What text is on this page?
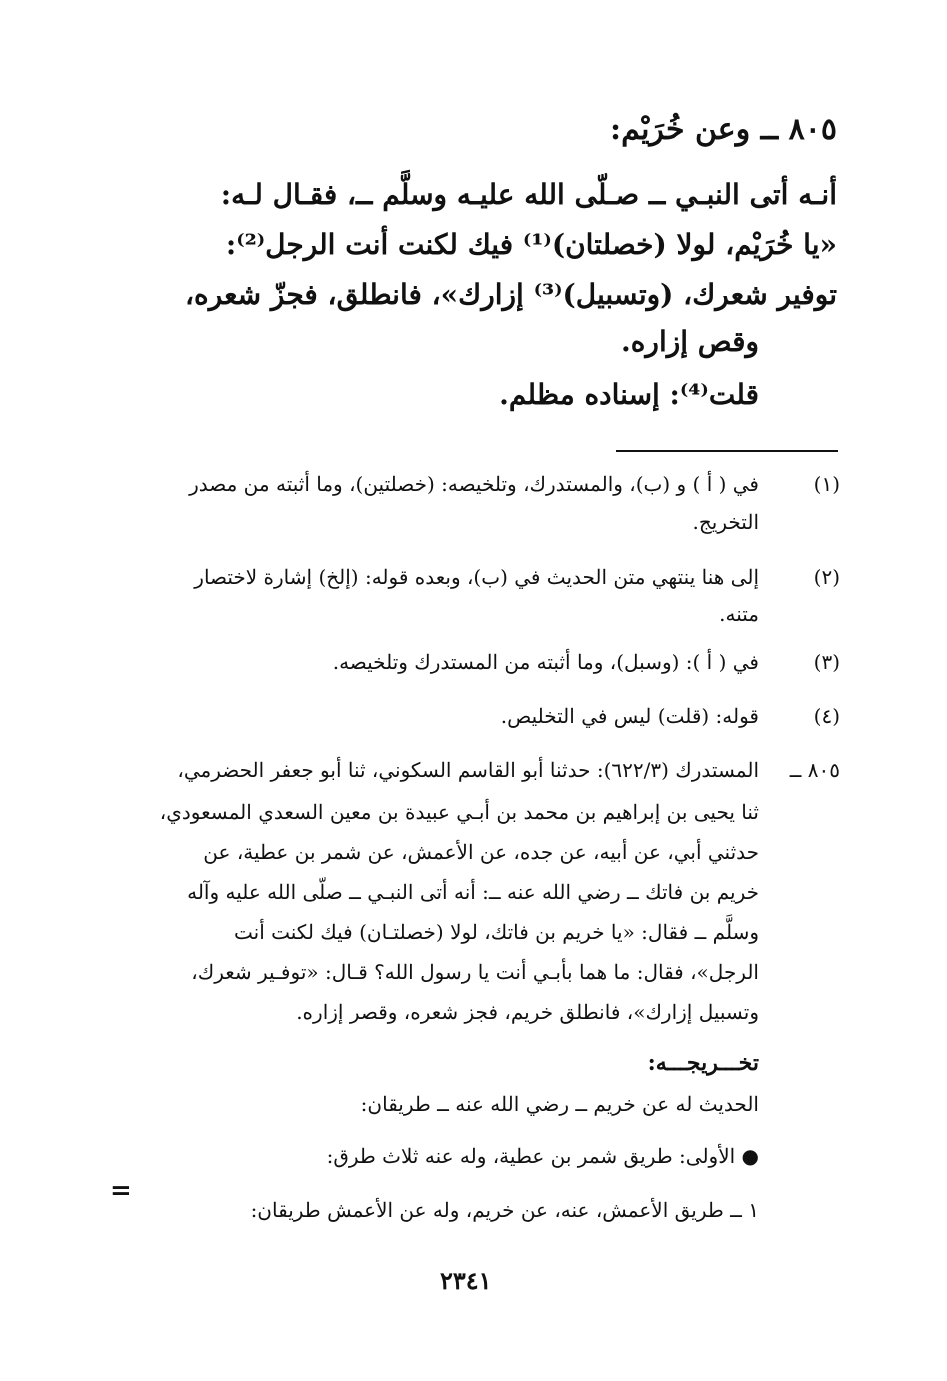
٨٠٥ ــ وعن خُرَيْم:
أنـه أتى النبـي ــ صـلّى الله عليـه وسلَّم ــ، فقـال لـه:
«يا خُرَيْم، لولا (خصلتان)⁽¹⁾ فيك لكنت أنت الرجل⁽²⁾:
توفير شعرك، (وتسبيل)⁽³⁾ إزارك»، فانطلق، فجزّ شعره،
وقص إزاره.
قلت⁽⁴⁾: إسناده مظلم.
(١)
في ( أ ) و (ب)، والمستدرك، وتلخيصه: (خصلتين)، وما أثبته من مصدر
التخريج.
(٢)
إلى هنا ينتهي متن الحديث في (ب)، وبعده قوله: (إلخ) إشارة لاختصار
متنه.
(٣)
في ( أ ): (وسبل)، وما أثبته من المستدرك وتلخيصه.
(٤)
قوله: (قلت) ليس في التخليص.
٨٠٥ ــ
المستدرك (٦٢٢/٣): حدثنا أبو القاسم السكوني، ثنا أبو جعفر الحضرمي،
ثنا يحيى بن إبراهيم بن محمد بن أبـي عبيدة بن معين السعدي المسعودي،
حدثني أبي، عن أبيه، عن جده، عن الأعمش، عن شمر بن عطية، عن
خريم بن فاتك ــ رضي الله عنه ــ: أنه أتى النبـي ــ صلّى الله عليه وآله
وسلَّم ــ فقال: «يا خريم بن فاتك، لولا (خصلتـان) فيك لكنت أنت
الرجل»، فقال: ما هما بأبـي أنت يا رسول الله؟ قـال: «توفـير شعرك،
وتسبيل إزارك»، فانطلق خريم، فجز شعره، وقصر إزاره.
تخـــريجـــه:
الحديث له عن خريم ــ رضي الله عنه ــ طريقان:
● الأولى: طريق شمر بن عطية، وله عنه ثلاث طرق:
١ ــ طريق الأعمش، عنه، عن خريم، وله عن الأعمش طريقان:
=
٢٣٤١
